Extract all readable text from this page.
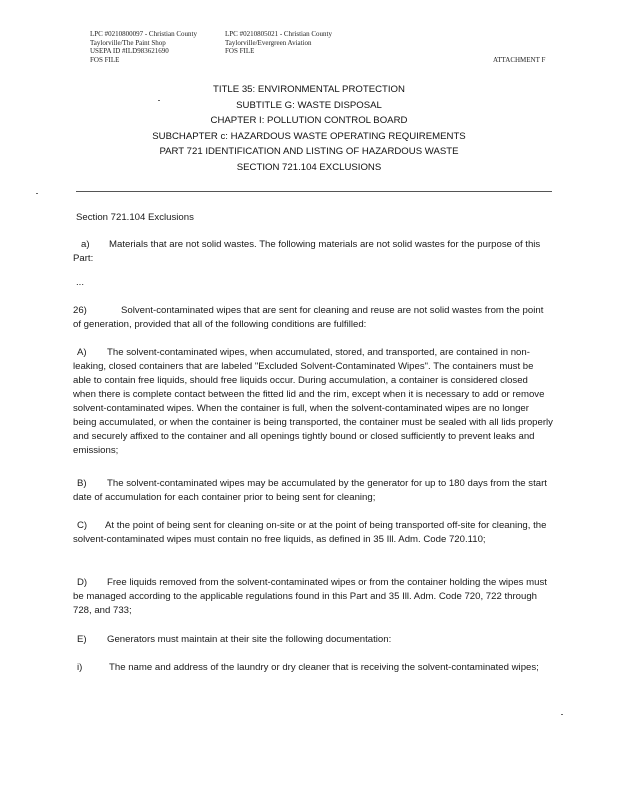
LPC #0210800097 - Christian County
Taylorville/The Paint Shop
USEPA ID #ILD983621690
FOS FILE
LPC #0210805021 - Christian County
Taylorville/Evergreen Aviation
FOS FILE
ATTACHMENT F
TITLE 35: ENVIRONMENTAL PROTECTION
SUBTITLE G: WASTE DISPOSAL
CHAPTER I: POLLUTION CONTROL BOARD
SUBCHAPTER c: HAZARDOUS WASTE OPERATING REQUIREMENTS
PART 721 IDENTIFICATION AND LISTING OF HAZARDOUS WASTE
SECTION 721.104 EXCLUSIONS
Section 721.104 Exclusions
a) Materials that are not solid wastes. The following materials are not solid wastes for the purpose of this Part:
...
26)	Solvent-contaminated wipes that are sent for cleaning and reuse are not solid wastes from the point of generation, provided that all of the following conditions are fulfilled:
A) The solvent-contaminated wipes, when accumulated, stored, and transported, are contained in non-leaking, closed containers that are labeled "Excluded Solvent-Contaminated Wipes". The containers must be able to contain free liquids, should free liquids occur. During accumulation, a container is considered closed when there is complete contact between the fitted lid and the rim, except when it is necessary to add or remove solvent-contaminated wipes. When the container is full, when the solvent-contaminated wipes are no longer being accumulated, or when the container is being transported, the container must be sealed with all lids properly and securely affixed to the container and all openings tightly bound or closed sufficiently to prevent leaks and emissions;
B) The solvent-contaminated wipes may be accumulated by the generator for up to 180 days from the start date of accumulation for each container prior to being sent for cleaning;
C) At the point of being sent for cleaning on-site or at the point of being transported off-site for cleaning, the solvent-contaminated wipes must contain no free liquids, as defined in 35 Ill. Adm. Code 720.110;
D) Free liquids removed from the solvent-contaminated wipes or from the container holding the wipes must be managed according to the applicable regulations found in this Part and 35 Ill. Adm. Code 720, 722 through 728, and 733;
E) Generators must maintain at their site the following documentation:
i)	The name and address of the laundry or dry cleaner that is receiving the solvent-contaminated wipes;
